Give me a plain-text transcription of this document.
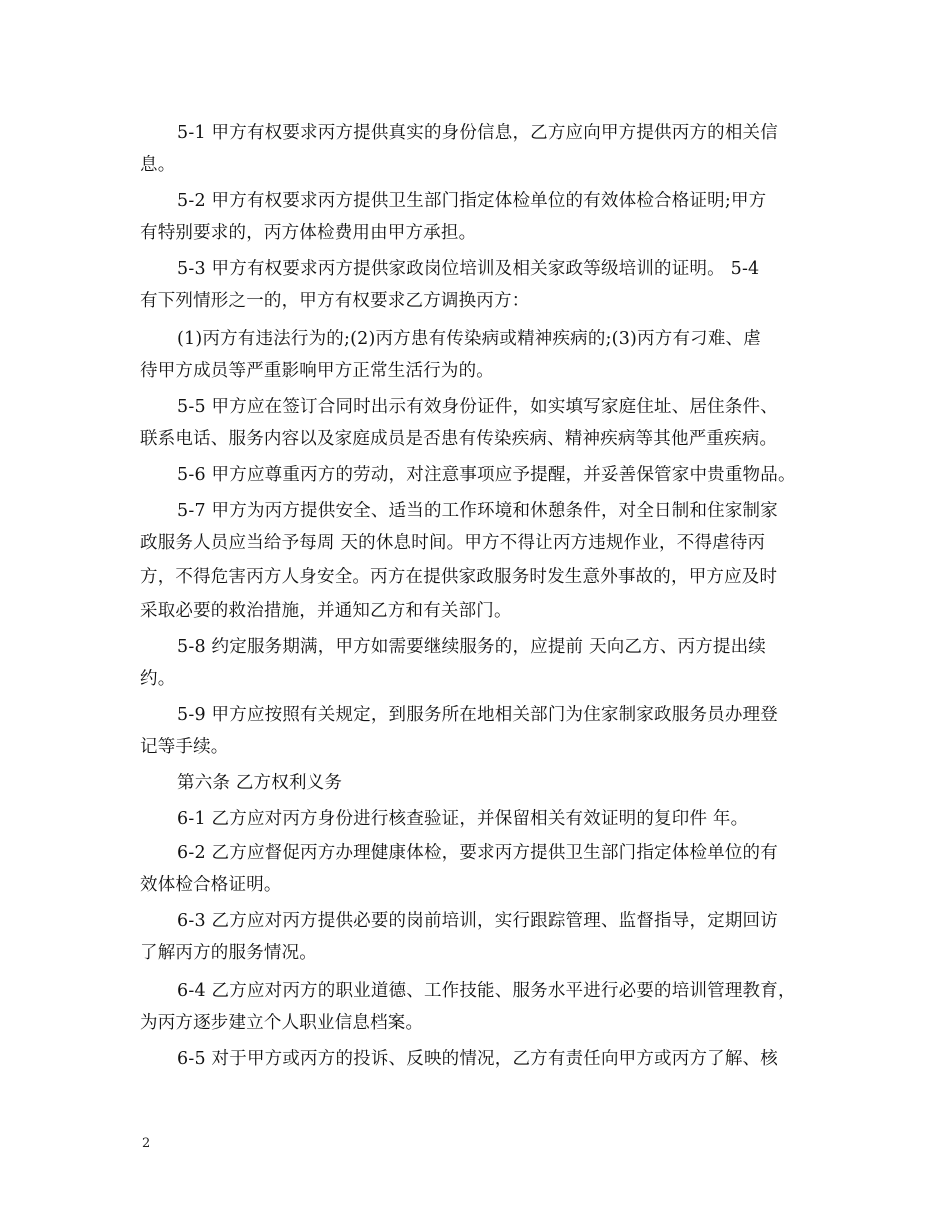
5-1 甲方有权要求丙方提供真实的身份信息，乙方应向甲方提供丙方的相关信
息。
5-2 甲方有权要求丙方提供卫生部门指定体检单位的有效体检合格证明;甲方
有特别要求的，丙方体检费用由甲方承担。
5-3 甲方有权要求丙方提供家政岗位培训及相关家政等级培训的证明。 5-4
有下列情形之一的，甲方有权要求乙方调换丙方：
(1)丙方有违法行为的;(2)丙方患有传染病或精神疾病的;(3)丙方有刁难、虐
待甲方成员等严重影响甲方正常生活行为的。
5-5 甲方应在签订合同时出示有效身份证件，如实填写家庭住址、居住条件、
联系电话、服务内容以及家庭成员是否患有传染疾病、精神疾病等其他严重疾病。
5-6 甲方应尊重丙方的劳动，对注意事项应予提醒，并妥善保管家中贵重物品。
5-7 甲方为丙方提供安全、适当的工作环境和休憩条件，对全日制和住家制家
政服务人员应当给予每周 天的休息时间。甲方不得让丙方违规作业，不得虐待丙
方，不得危害丙方人身安全。丙方在提供家政服务时发生意外事故的，甲方应及时
采取必要的救治措施，并通知乙方和有关部门。
5-8 约定服务期满，甲方如需要继续服务的，应提前 天向乙方、丙方提出续
约。
5-9 甲方应按照有关规定，到服务所在地相关部门为住家制家政服务员办理登
记等手续。
第六条 乙方权利义务
6-1 乙方应对丙方身份进行核查验证，并保留相关有效证明的复印件 年。
6-2 乙方应督促丙方办理健康体检，要求丙方提供卫生部门指定体检单位的有
效体检合格证明。
6-3 乙方应对丙方提供必要的岗前培训，实行跟踪管理、监督指导，定期回访
了解丙方的服务情况。
6-4 乙方应对丙方的职业道德、工作技能、服务水平进行必要的培训管理教育，
为丙方逐步建立个人职业信息档案。
6-5 对于甲方或丙方的投诉、反映的情况，乙方有责任向甲方或丙方了解、核
2
